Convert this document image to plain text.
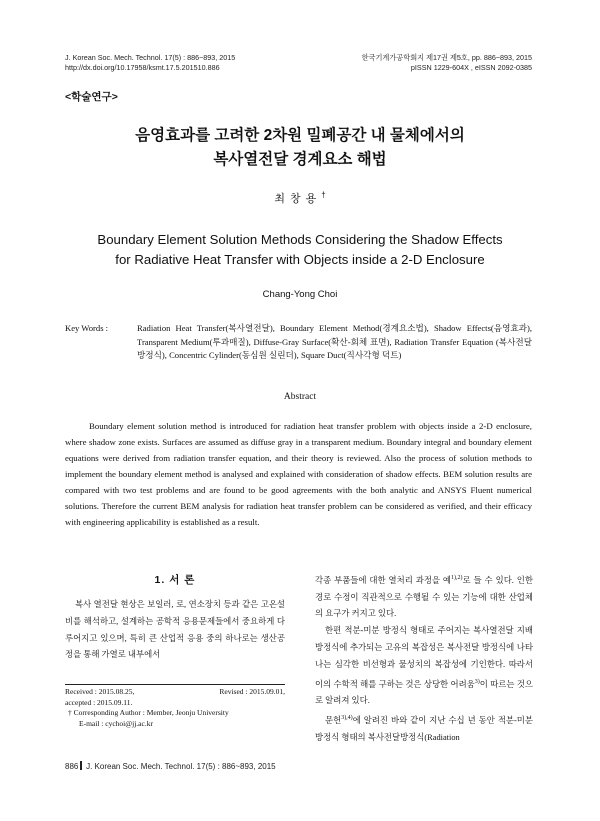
J. Korean Soc. Mech. Technol. 17(5) : 886~893, 2015
http://dx.doi.org/10.17958/ksmt.17.5.201510.886
한국기계가공학회지 제17권 제5호, pp. 886~893, 2015
pISSN 1229-604X , eISSN 2092-0385
<학술연구>
음영효과를 고려한 2차원 밀폐공간 내 물체에서의
복사열전달 경계요소 해법
최창용†
Boundary Element Solution Methods Considering the Shadow Effects
for Radiative Heat Transfer with Objects inside a 2-D Enclosure
Chang-Yong Choi
Key Words :	Radiation Heat Transfer(복사열전달), Boundary Element Method(경계요소법), Shadow Effects(음영효과), Transparent Medium(투과매질), Diffuse-Gray Surface(확산-회체 표면), Radiation Transfer Equation (복사전달방정식), Concentric Cylinder(동심원 실린더), Square Duct(직사각형 덕트)
Abstract

Boundary element solution method is introduced for radiation heat transfer problem with objects inside a 2-D enclosure, where shadow zone exists. Surfaces are assumed as diffuse gray in a transparent medium. Boundary integral and boundary element equations were derived from radiation transfer equation, and their theory is reviewed. Also the process of solution methods to implement the boundary element method is analysed and explained with consideration of shadow effects. BEM solution results are compared with two test problems and are found to be good agreements with the both analytic and ANSYS Fluent numerical solutions. Therefore the current BEM analysis for radiation heat transfer problem can be considered as verified, and their efficacy with engineering applicability is established as a result.

1. 서 론

복사 열전달 현상은 보일러, 로, 연소장치 등과 같은 고온설비를 해석하고, 설계하는 공학적 응용문제들에서 중요하게 다루어지고 있으며, 특히 큰 산업적 응용 중의 하나로는 생산공정을 통해 가열로 내부에서

각종 부품들에 대한 열처리 과정을 예$^{1),2)}$로 들 수 있다. 인한 경로 수정이 직관적으로 수행될 수 있는 기능에 대한 산업체의 요구가 커지고 있다.

한편 적분-미분 방정식 형태로 주어지는 복사열전달 지배방정식에 추가되는 고유의 복잡성은 복사전달 방정식에 나타나는 심각한 비선형과 물성치의 복잡성에 기인한다. 따라서 이의 수학적 해를 구하는 것은 상당한 어려움$^{3)}$이 따르는 것으로 알려져 있다.

문헌$^{3),4)}$에 알려진 바와 같이 지난 수십 년 동안 적분-미분 방정식 형태의 복사전달방정식(Radiation

Received : 2015.08.25,	Revised : 2015.09.01,
accepted : 2015.09.11.
† Corresponding Author : Member, Jeonju University
E-mail : cychoi@jj.ac.kr
886 J. Korean Soc. Mech. Technol. 17(5) : 886~893, 2015
